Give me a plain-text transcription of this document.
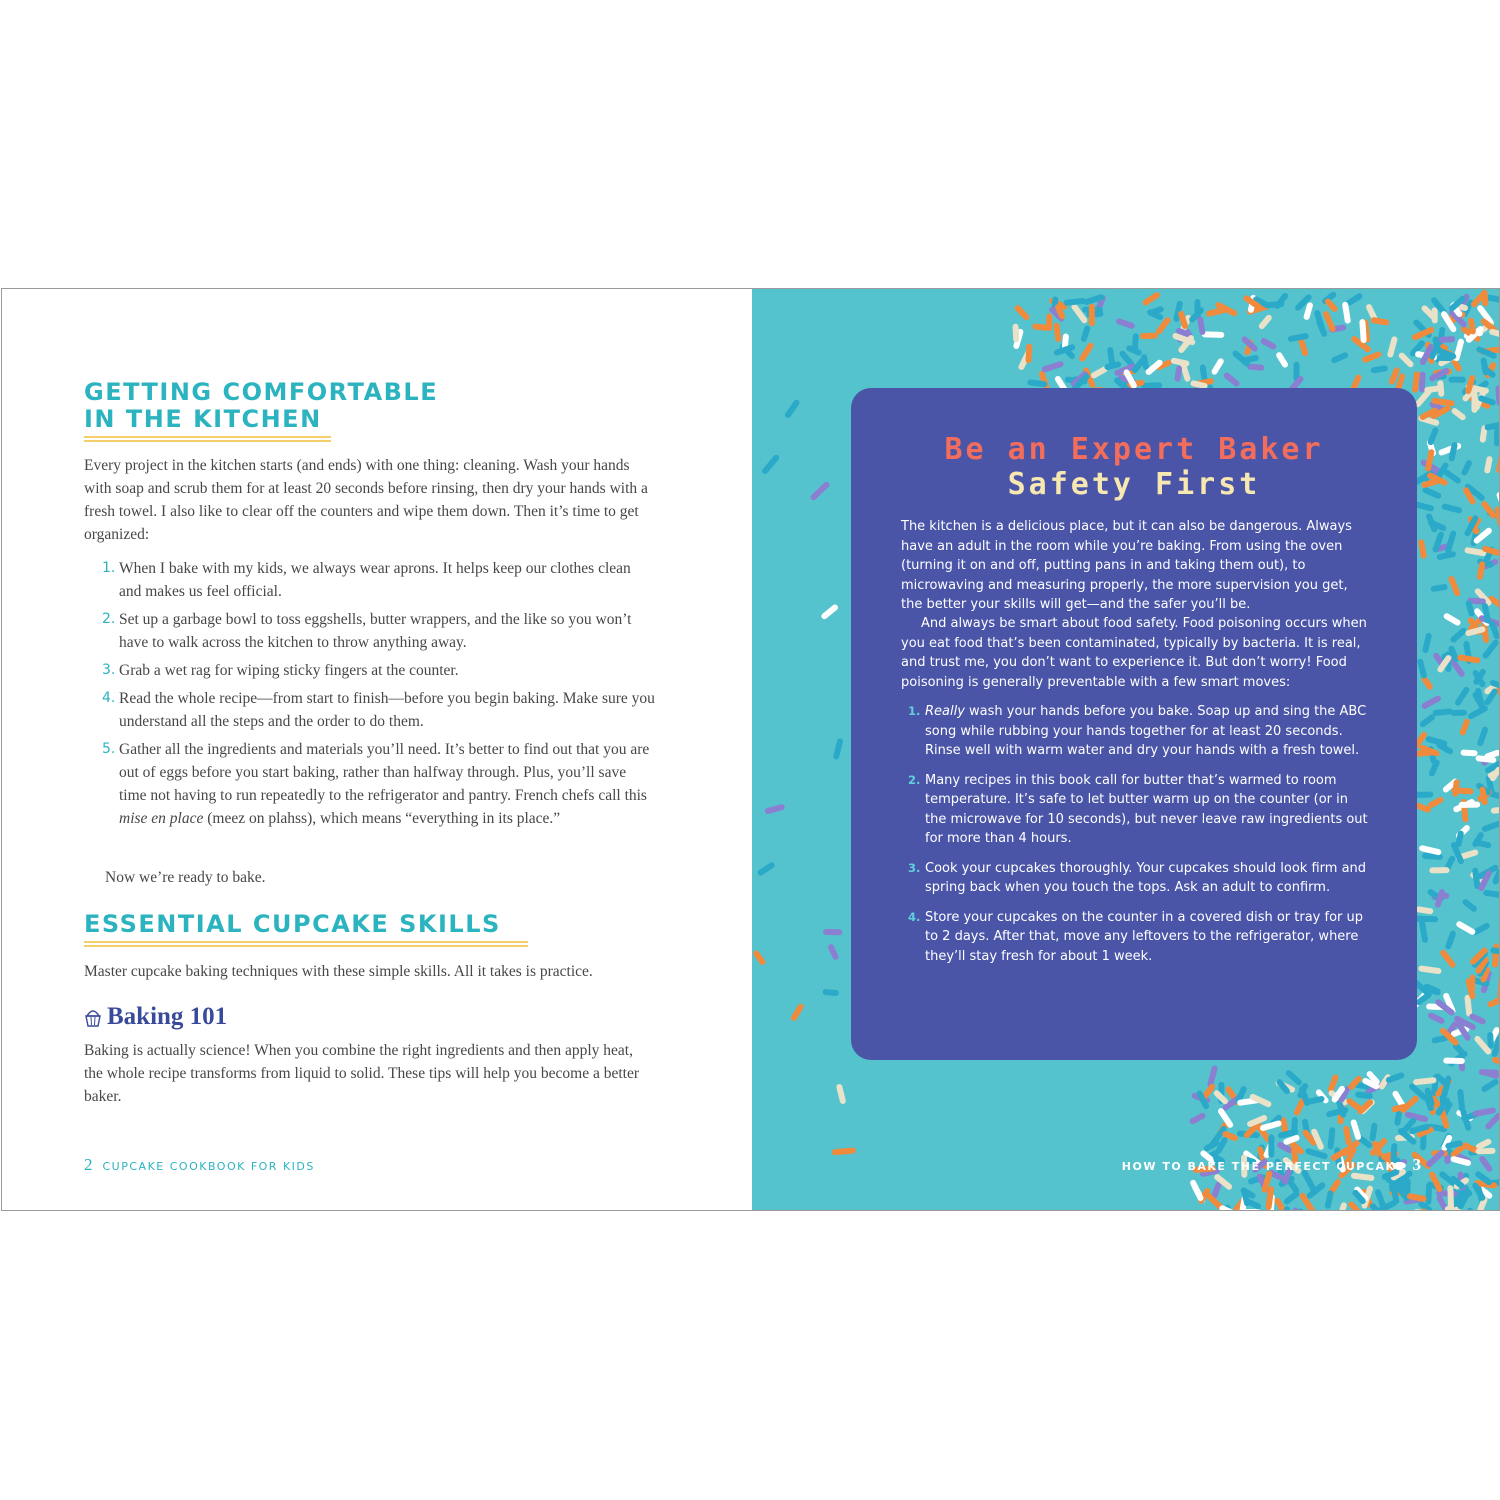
GETTING COMFORTABLE
IN THE KITCHEN

Every project in the kitchen starts (and ends) with one thing: cleaning. Wash your hands with soap and scrub them for at least 20 seconds before rinsing, then dry your hands with a fresh towel. I also like to clear off the counters and wipe them down. Then it’s time to get organized:

1. When I bake with my kids, we always wear aprons. It helps keep our clothes clean and makes us feel official.
2. Set up a garbage bowl to toss eggshells, butter wrappers, and the like so you won’t have to walk across the kitchen to throw anything away.
3. Grab a wet rag for wiping sticky fingers at the counter.
4. Read the whole recipe—from start to finish—before you begin baking. Make sure you understand all the steps and the order to do them.
5. Gather all the ingredients and materials you’ll need. It’s better to find out that you are out of eggs before you start baking, rather than halfway through. Plus, you’ll save time not having to run repeatedly to the refrigerator and pantry. French chefs call this mise en place (meez on plahss), which means “everything in its place.”

Now we’re ready to bake.

ESSENTIAL CUPCAKE SKILLS

Master cupcake baking techniques with these simple skills. All it takes is practice.

Baking 101

Baking is actually science! When you combine the right ingredients and then apply heat, the whole recipe transforms from liquid to solid. These tips will help you become a better baker.

2 CUPCAKE COOKBOOK FOR KIDS
Be an Expert Baker
Safety First

The kitchen is a delicious place, but it can also be dangerous. Always have an adult in the room while you’re baking. From using the oven (turning it on and off, putting pans in and taking them out), to microwaving and measuring properly, the more supervision you get, the better your skills will get—and the safer you’ll be.

And always be smart about food safety. Food poisoning occurs when you eat food that’s been contaminated, typically by bacteria. It is real, and trust me, you don’t want to experience it. But don’t worry! Food poisoning is generally preventable with a few smart moves:

1. Really wash your hands before you bake. Soap up and sing the ABC song while rubbing your hands together for at least 20 seconds. Rinse well with warm water and dry your hands with a fresh towel.
2. Many recipes in this book call for butter that’s warmed to room temperature. It’s safe to let butter warm up on the counter (or in the microwave for 10 seconds), but never leave raw ingredients out for more than 4 hours.
3. Cook your cupcakes thoroughly. Your cupcakes should look firm and spring back when you touch the tops. Ask an adult to confirm.
4. Store your cupcakes on the counter in a covered dish or tray for up to 2 days. After that, move any leftovers to the refrigerator, where they’ll stay fresh for about 1 week.
HOW TO BAKE THE PERFECT CUPCAKE 3
